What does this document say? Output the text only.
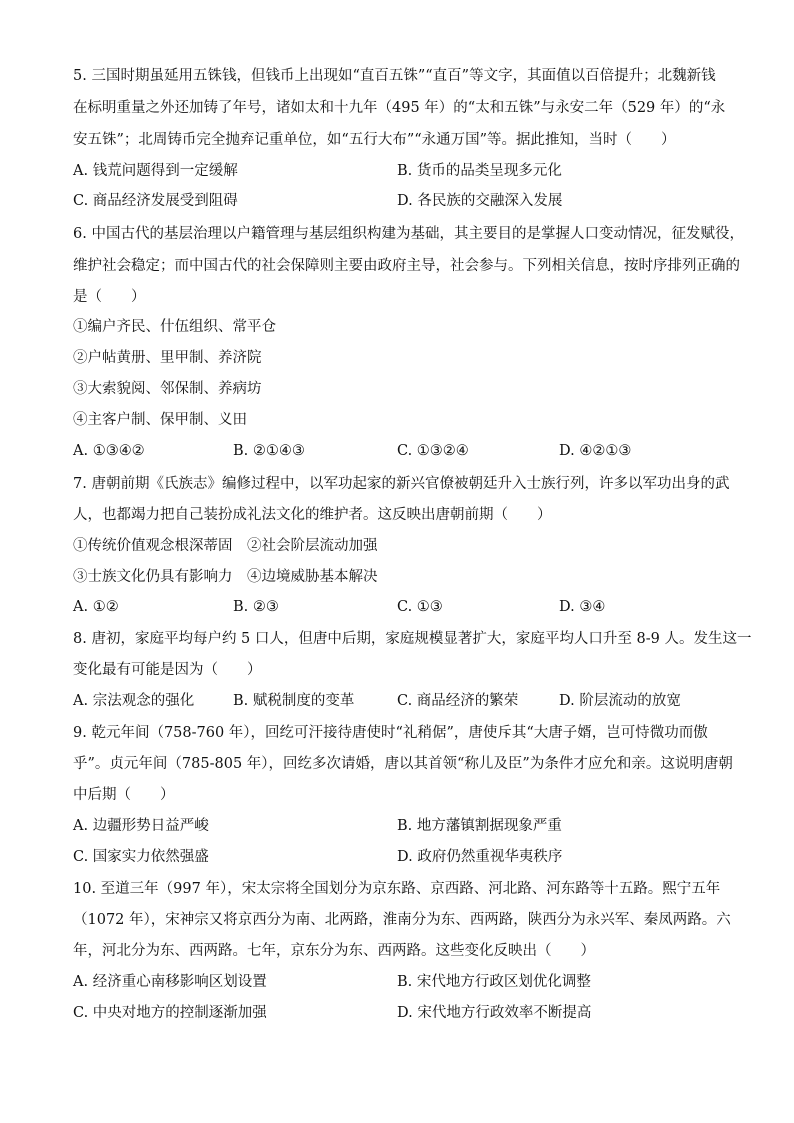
5. 三国时期虽延用五铢钱，但钱币上出现如“直百五铢”“直百”等文字，其面值以百倍提升；北魏新钱
在标明重量之外还加铸了年号，诸如太和十九年（495 年）的“太和五铢”与永安二年（529 年）的“永
安五铢”；北周铸币完全抛弃记重单位，如“五行大布”“永通万国”等。据此推知，当时（　　）
A. 钱荒问题得到一定缓解	B. 货币的品类呈现多元化
C. 商品经济发展受到阻碍	D. 各民族的交融深入发展
6. 中国古代的基层治理以户籍管理与基层组织构建为基础，其主要目的是掌握人口变动情况，征发赋役，
维护社会稳定；而中国古代的社会保障则主要由政府主导，社会参与。下列相关信息，按时序排列正确的
是（　　）
①编户齐民、什伍组织、常平仓
②户帖黄册、里甲制、养济院
③大索貌阅、邻保制、养病坊
④主客户制、保甲制、义田
A. ①③④②	B. ②①④③	C. ①③②④	D. ④②①③
7. 唐朝前期《氏族志》编修过程中，以军功起家的新兴官僚被朝廷升入士族行列，许多以军功出身的武
人，也都竭力把自己装扮成礼法文化的维护者。这反映出唐朝前期（　　）
①传统价值观念根深蒂固　②社会阶层流动加强
③士族文化仍具有影响力　④边境威胁基本解决
A. ①②	B. ②③	C. ①③	D. ③④
8. 唐初，家庭平均每户约 5 口人，但唐中后期，家庭规模显著扩大，家庭平均人口升至 8-9 人。发生这一
变化最有可能是因为（　　）
A. 宗法观念的强化	B. 赋税制度的变革	C. 商品经济的繁荣	D. 阶层流动的放宽
9. 乾元年间（758-760 年），回纥可汗接待唐使时“礼稍倨”，唐使斥其“大唐子婿，岂可恃微功而傲
乎”。贞元年间（785-805 年），回纥多次请婚，唐以其首领“称儿及臣”为条件才应允和亲。这说明唐朝
中后期（　　）
A. 边疆形势日益严峻	B. 地方藩镇割据现象严重
C. 国家实力依然强盛	D. 政府仍然重视华夷秩序
10. 至道三年（997 年），宋太宗将全国划分为京东路、京西路、河北路、河东路等十五路。熙宁五年
（1072 年），宋神宗又将京西分为南、北两路，淮南分为东、西两路，陕西分为永兴军、秦凤两路。六
年，河北分为东、西两路。七年，京东分为东、西两路。这些变化反映出（　　）
A. 经济重心南移影响区划设置	B. 宋代地方行政区划优化调整
C. 中央对地方的控制逐渐加强	D. 宋代地方行政效率不断提高
